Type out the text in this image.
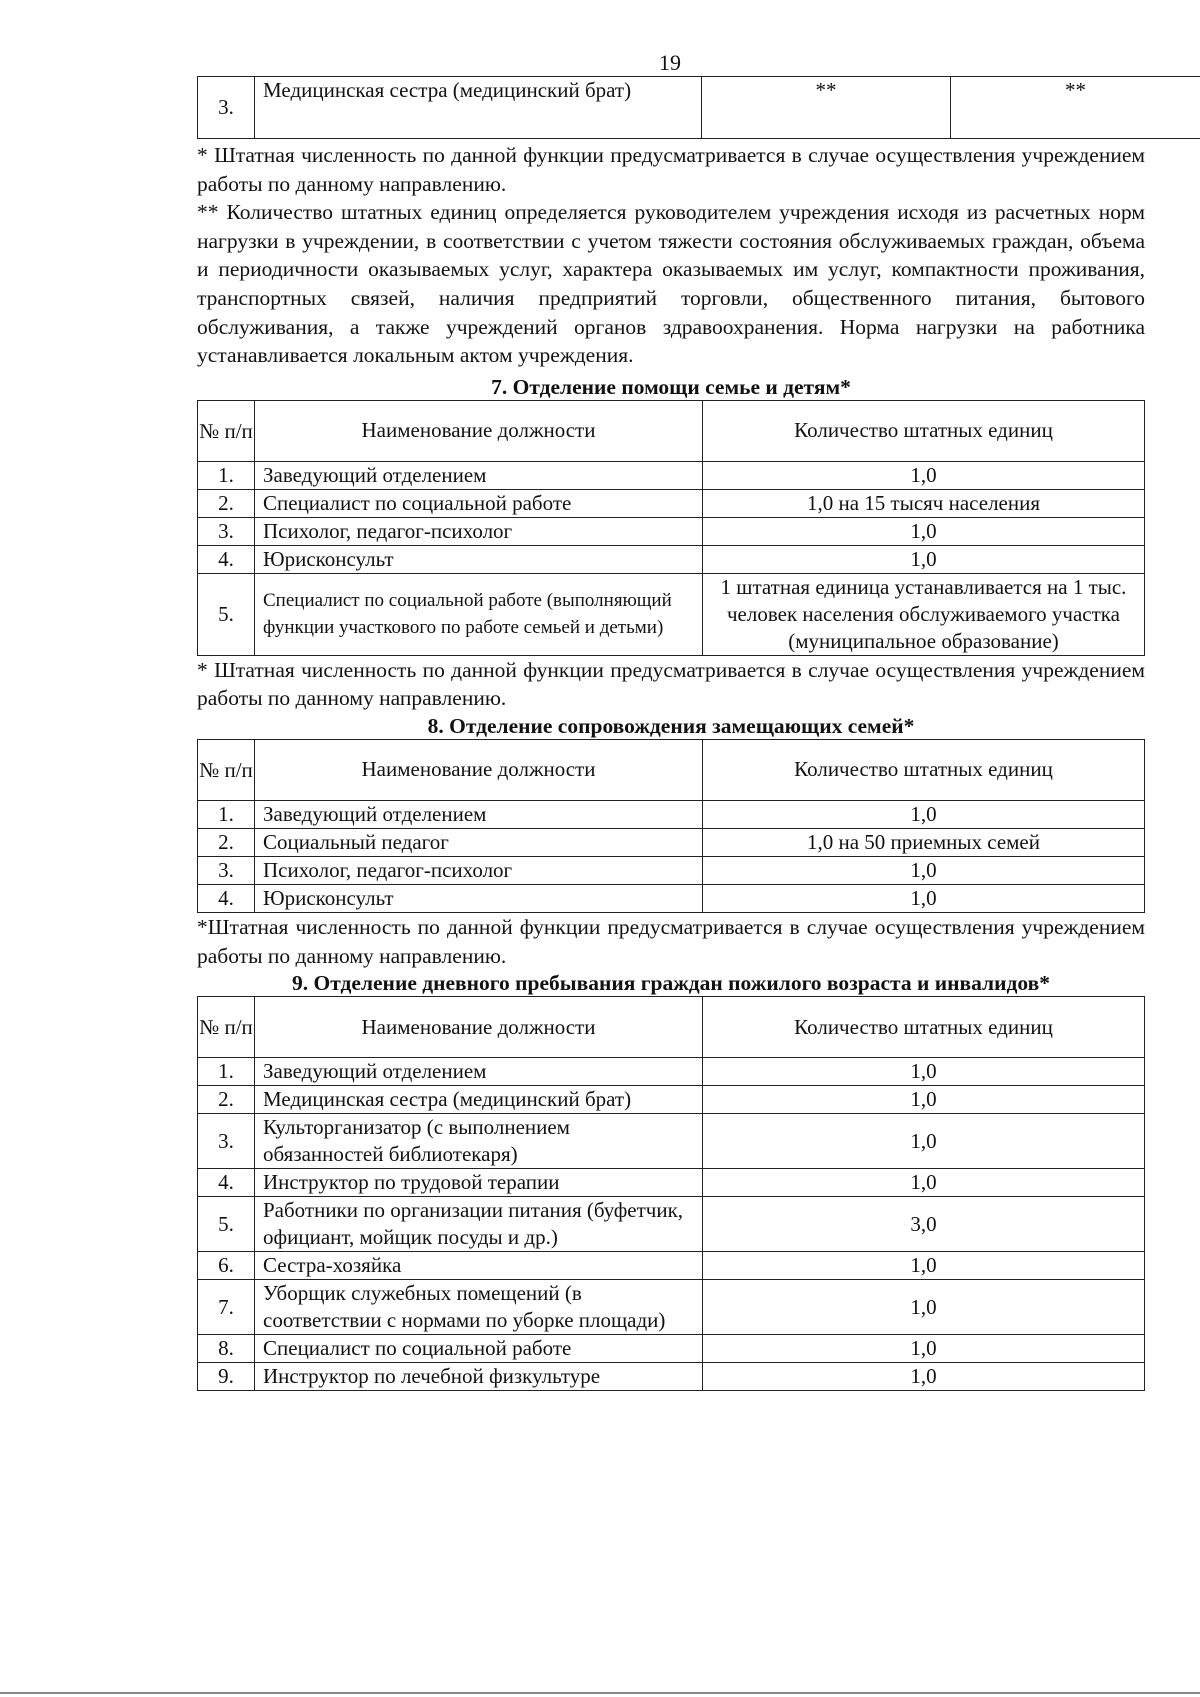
19
3.	Медицинская сестра (медицинский брат)	**	**

* Штатная численность по данной функции предусматривается в случае осуществления учреждением работы по данному направлению.

** Количество штатных единиц определяется руководителем учреждения исходя из расчетных норм нагрузки в учреждении, в соответствии с учетом тяжести состояния обслуживаемых граждан, объема и периодичности оказываемых услуг, характера оказываемых им услуг, компактности проживания, транспортных связей, наличия предприятий торговли, общественного питания, бытового обслуживания, а также учреждений органов здравоохранения. Норма нагрузки на работника устанавливается локальным актом учреждения.

7. Отделение помощи семье и детям*

№ п/п	Наименование должности	Количество штатных единиц
1.	Заведующий отделением	1,0
2.	Специалист по социальной работе	1,0 на 15 тысяч населения
3.	Психолог, педагог-психолог	1,0
4.	Юрисконсульт	1,0
5.	Специалист по социальной работе (выполняющий функции участкового по работе семьей и детьми)	1 штатная единица устанавливается на 1 тыс. человек населения обслуживаемого участка (муниципальное образование)

* Штатная численность по данной функции предусматривается в случае осуществления учреждением работы по данному направлению.

8. Отделение сопровождения замещающих семей*

№ п/п	Наименование должности	Количество штатных единиц
1.	Заведующий отделением	1,0
2.	Социальный педагог	1,0 на 50 приемных семей
3.	Психолог, педагог-психолог	1,0
4.	Юрисконсульт	1,0

*Штатная численность по данной функции предусматривается в случае осуществления учреждением работы по данному направлению.

9. Отделение дневного пребывания граждан пожилого возраста и инвалидов*

№ п/п	Наименование должности	Количество штатных единиц
1.	Заведующий отделением	1,0
2.	Медицинская сестра (медицинский брат)	1,0
3.	Культорганизатор (с выполнением обязанностей библиотекаря)	1,0
4.	Инструктор по трудовой терапии	1,0
5.	Работники по организации питания (буфетчик, официант, мойщик посуды и др.)	3,0
6.	Сестра-хозяйка	1,0
7.	Уборщик служебных помещений (в соответствии с нормами по уборке площади)	1,0
8.	Специалист по социальной работе	1,0
9.	Инструктор по лечебной физкультуре	1,0
